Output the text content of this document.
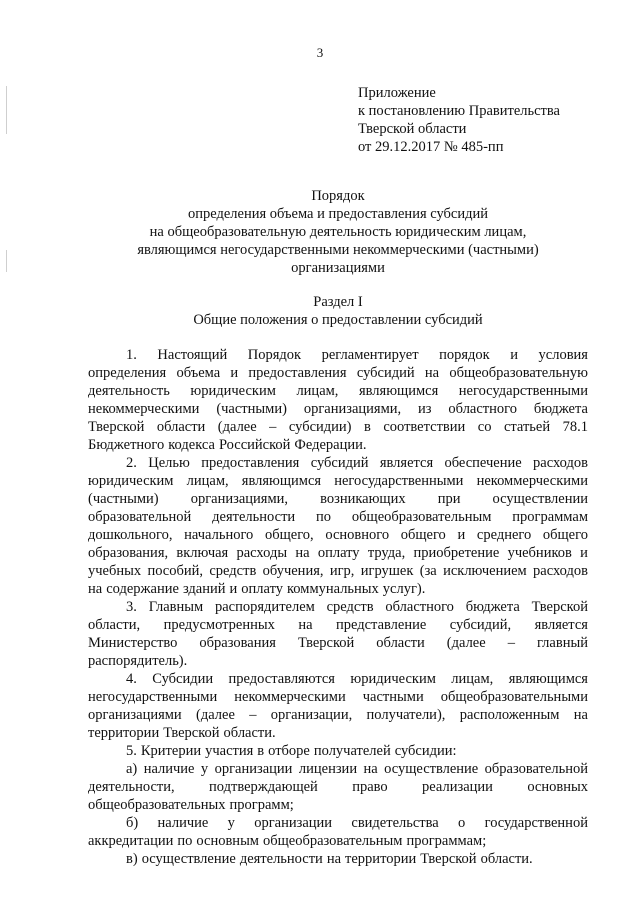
3
Приложение
к постановлению Правительства
Тверской области
от 29.12.2017 № 485-пп
Порядок
определения объема и предоставления субсидий
на общеобразовательную деятельность юридическим лицам,
являющимся негосударственными некоммерческими (частными)
организациями
Раздел I
Общие положения о предоставлении субсидий
1. Настоящий Порядок регламентирует порядок и условия
определения объема и предоставления субсидий на общеобразовательную
деятельность юридическим лицам, являющимся негосударственными
некоммерческими (частными) организациями, из областного бюджета
Тверской области (далее – субсидии) в соответствии со статьей 78.1
Бюджетного кодекса Российской Федерации.
2. Целью предоставления субсидий является обеспечение расходов
юридическим лицам, являющимся негосударственными некоммерческими
(частными) организациями, возникающих при осуществлении
образовательной деятельности по общеобразовательным программам
дошкольного, начального общего, основного общего и среднего общего
образования, включая расходы на оплату труда, приобретение учебников и
учебных пособий, средств обучения, игр, игрушек (за исключением расходов
на содержание зданий и оплату коммунальных услуг).
3. Главным распорядителем средств областного бюджета Тверской
области, предусмотренных на представление субсидий, является
Министерство образования Тверской области (далее – главный
распорядитель).
4. Субсидии предоставляются юридическим лицам, являющимся
негосударственными некоммерческими частными общеобразовательными
организациями (далее – организации, получатели), расположенным на
территории Тверской области.
5. Критерии участия в отборе получателей субсидии:
а) наличие у организации лицензии на осуществление образовательной
деятельности, подтверждающей право реализации основных
общеобразовательных программ;
б) наличие у организации свидетельства о государственной
аккредитации по основным общеобразовательным программам;
в) осуществление деятельности на территории Тверской области.
